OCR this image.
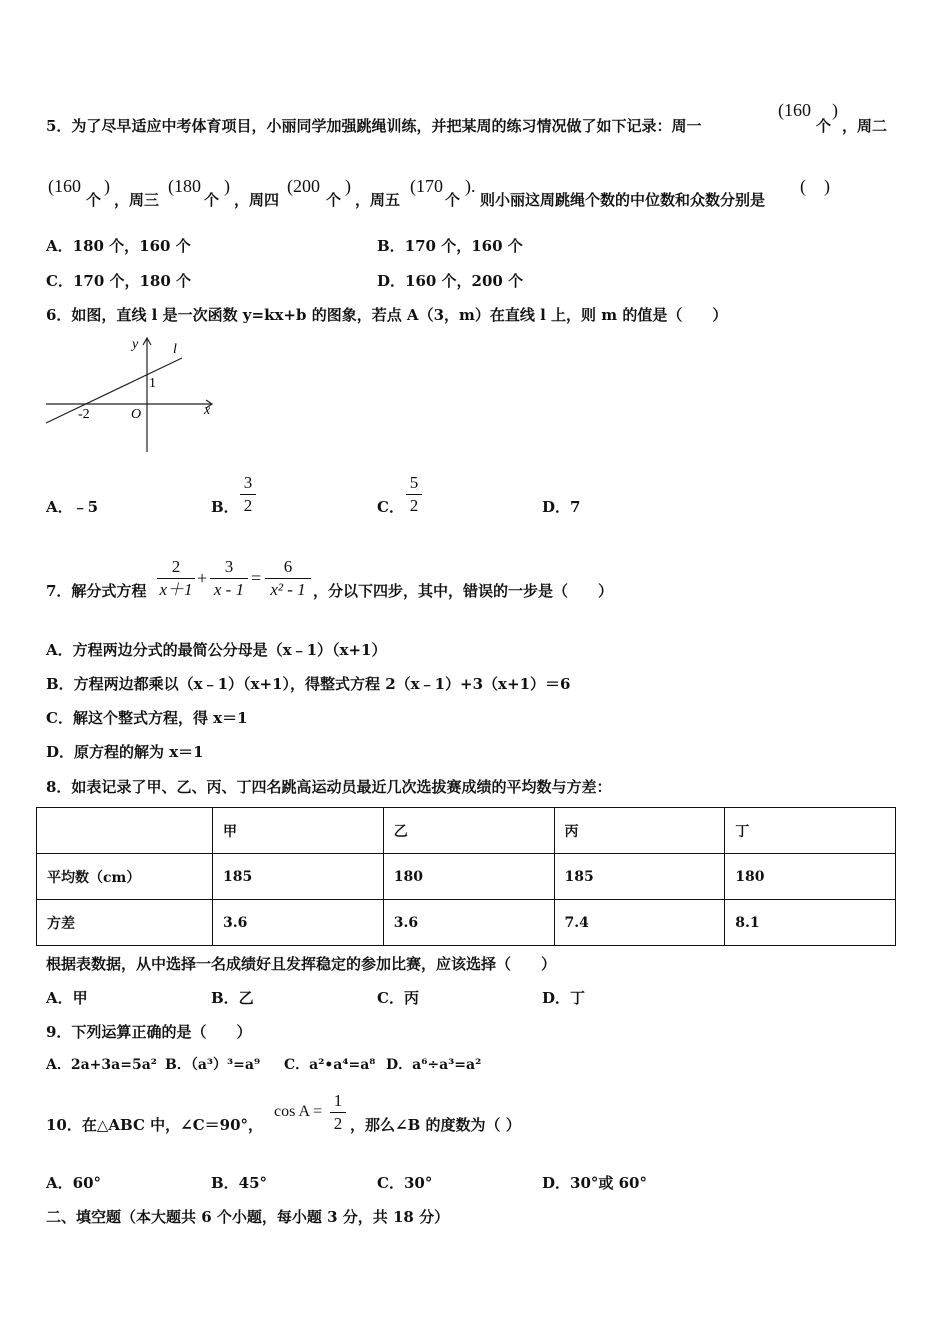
5．为了尽早适应中考体育项目，小丽同学加强跳绳训练，并把某周的练习情况做了如下记录：周一
(160 )
个 ，周二
(160
个
)
，周三
(180
个
)
，周四
(200
个
)
，周五
(170
个
).
则小丽这周跳绳个数的中位数和众数分别是
(　)
A．180 个，160 个	B．170 个，160 个
C．170 个，180 个	D．160 个，200 个
6．如图，直线 l 是一次函数 y=kx+b 的图象，若点 A（3，m）在直线 l 上，则 m 的值是（　　）
y
x
l
O
-2
1
A．﹣5	B．
3
2	C．
5
2	D．7
7．解分式方程
2
x＋1
+
3
x - 1
=
6
x² - 1 ，分以下四步，其中，错误的一步是（　　）
A．方程两边分式的最简公分母是（x﹣1）（x+1）
B．方程两边都乘以（x﹣1）（x+1），得整式方程 2（x﹣1）+3（x+1）＝6
C．解这个整式方程，得 x＝1
D．原方程的解为 x＝1
8．如表记录了甲、乙、丙、丁四名跳高运动员最近几次选拔赛成绩的平均数与方差：
	甲	乙	丙	丁
平均数（cm）	185	180	185	180
方差	3.6	3.6	7.4	8.1
根据表数据，从中选择一名成绩好且发挥稳定的参加比赛，应该选择（　　）
A．甲	B．乙	C．丙	D．丁
9．下列运算正确的是（　　）
A．2a+3a=5a² B．（a³）³=a⁹ C．a²•a⁴=a⁸ D．a⁶÷a³=a²
10．在△ABC 中，∠C＝90°，
cos A =
1
2 ，那么∠B 的度数为（ ）
A．60°	B．45°	C．30°	D．30°或 60°
二、填空题（本大题共 6 个小题，每小题 3 分，共 18 分）
